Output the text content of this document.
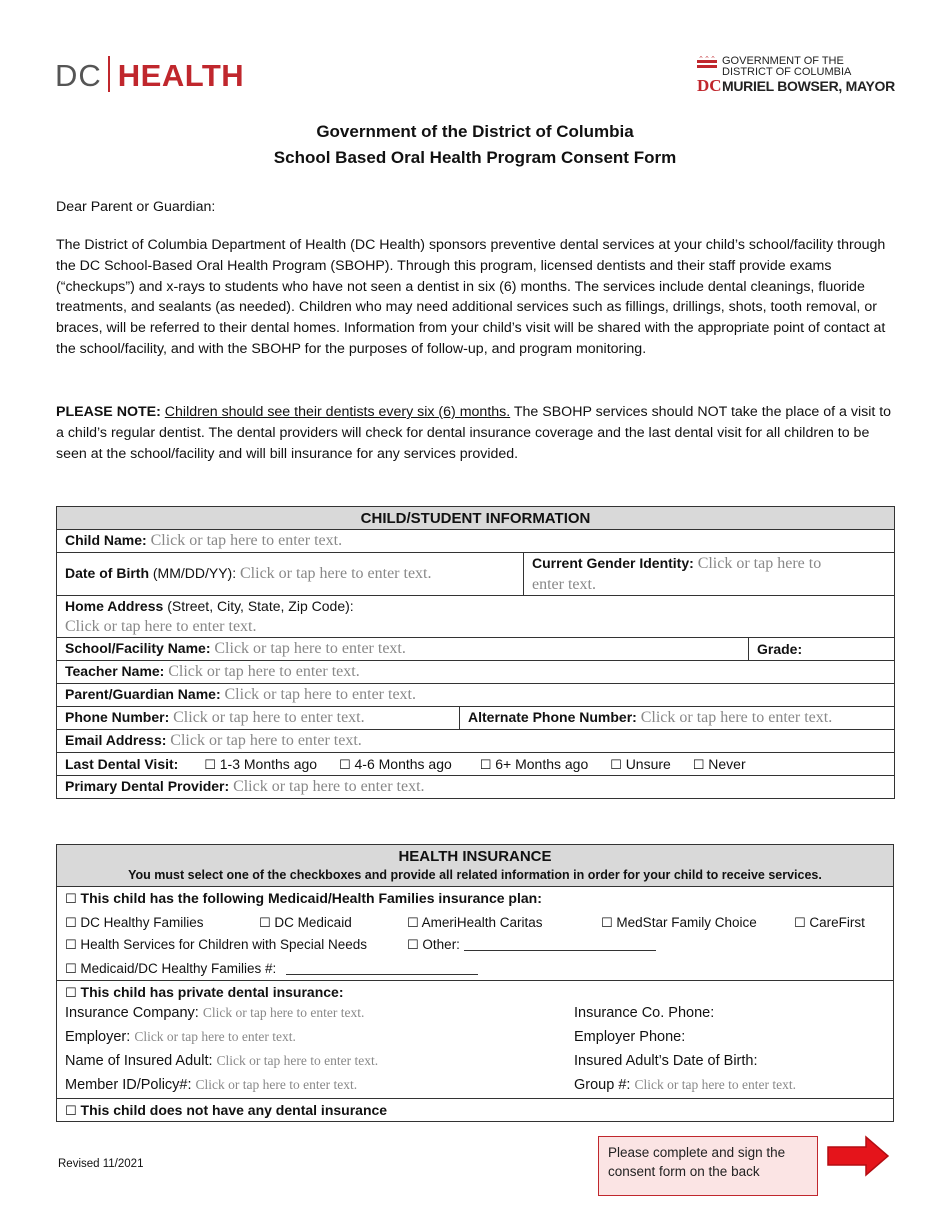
DC HEALTH	DC
GOVERNMENT OF THE
DISTRICT OF COLUMBIA
MURIEL BOWSER, MAYOR
Government of the District of Columbia
School Based Oral Health Program Consent Form
Dear Parent or Guardian:
The District of Columbia Department of Health (DC Health) sponsors preventive dental services at your child’s school/facility through the DC School-Based Oral Health Program (SBOHP). Through this program, licensed dentists and their staff provide exams (“checkups”) and x-rays to students who have not seen a dentist in six (6) months. The services include dental cleanings, fluoride treatments, and sealants (as needed). Children who may need additional services such as fillings, drillings, shots, tooth removal, or braces, will be referred to their dental homes. Information from your child’s visit will be shared with the appropriate point of contact at the school/facility, and with the SBOHP for the purposes of follow-up, and program monitoring.
PLEASE NOTE: Children should see their dentists every six (6) months. The SBOHP services should NOT take the place of a visit to a child’s regular dentist. The dental providers will check for dental insurance coverage and the last dental visit for all children to be seen at the school/facility and will bill insurance for any services provided.
CHILD/STUDENT INFORMATION			
Child Name: Click or tap here to enter text.			
Date of Birth (MM/DD/YY): Click or tap here to enter text.		Current Gender Identity: Click or tap here to
enter text.	
Home Address (Street, City, State, Zip Code):
Click or tap here to enter text.			
School/Facility Name: Click or tap here to enter text.			Grade:
Teacher Name: Click or tap here to enter text.			
Parent/Guardian Name: Click or tap here to enter text.			
Phone Number: Click or tap here to enter text.	Alternate Phone Number: Click or tap here to enter text.		
Email Address: Click or tap here to enter text.			
Last Dental Visit: ☐ 1-3 Months ago ☐ 4-6 Months ago ☐ 6+ Months ago ☐ Unsure ☐ Never			
Primary Dental Provider: Click or tap here to enter text.			
HEALTH INSURANCE
You must select one of the checkboxes and provide all related information in order for your child to receive services.

☐ This child has the following Medicaid/Health Families insurance plan:
☐ DC Healthy Families	☐ DC Medicaid	☐ AmeriHealth Caritas	☐ MedStar Family Choice	☐ CareFirst
☐ Health Services for Children with Special Needs	☐ Other:
☐ Medicaid/DC Healthy Families #:

☐ This child has private dental insurance:
Insurance Company: Click or tap here to enter text.	Insurance Co. Phone:
Employer: Click or tap here to enter text.	Employer Phone:
Name of Insured Adult: Click or tap here to enter text.	Insured Adult’s Date of Birth:
Member ID/Policy#: Click or tap here to enter text.	Group #: Click or tap here to enter text.

☐ This child does not have any dental insurance
Revised 11/2021
Please complete and sign the consent form on the back
